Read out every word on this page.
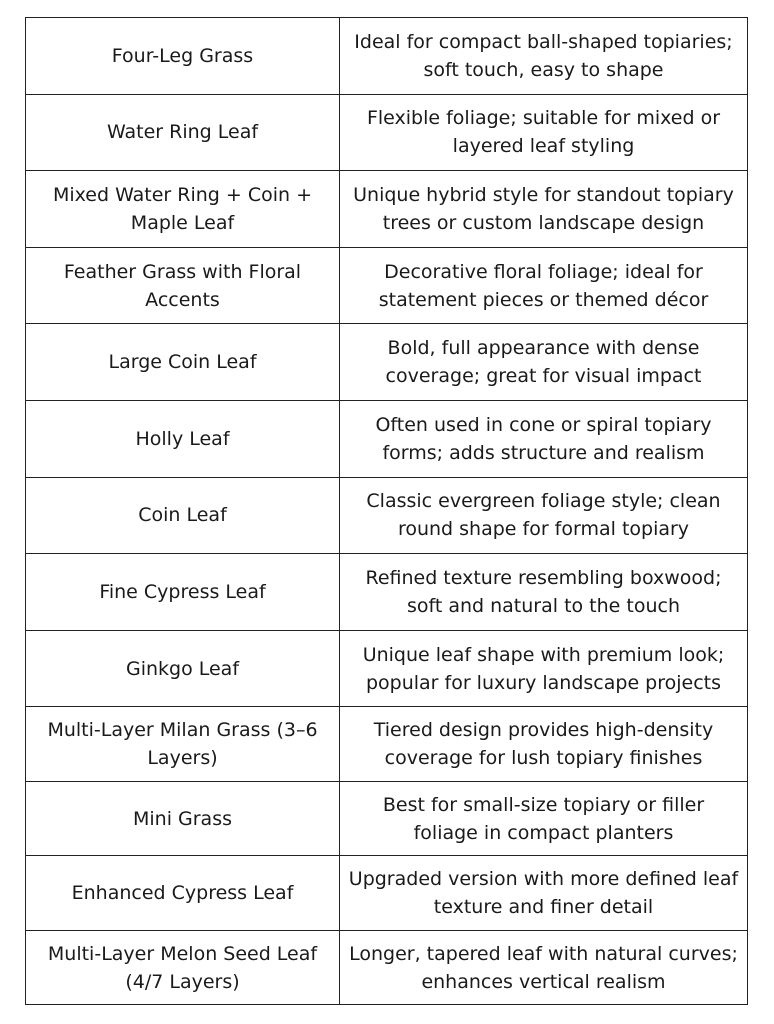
Four-Leg Grass	Ideal for compact ball-shaped topiaries; soft touch, easy to shape
Water Ring Leaf	Flexible foliage; suitable for mixed or layered leaf styling
Mixed Water Ring + Coin + Maple Leaf	Unique hybrid style for standout topiary trees or custom landscape design
Feather Grass with Floral Accents	Decorative floral foliage; ideal for statement pieces or themed décor
Large Coin Leaf	Bold, full appearance with dense coverage; great for visual impact
Holly Leaf	Often used in cone or spiral topiary forms; adds structure and realism
Coin Leaf	Classic evergreen foliage style; clean round shape for formal topiary
Fine Cypress Leaf	Refined texture resembling boxwood; soft and natural to the touch
Ginkgo Leaf	Unique leaf shape with premium look; popular for luxury landscape projects
Multi-Layer Milan Grass (3–6 Layers)	Tiered design provides high-density coverage for lush topiary finishes
Mini Grass	Best for small-size topiary or filler foliage in compact planters
Enhanced Cypress Leaf	Upgraded version with more defined leaf texture and finer detail
Multi-Layer Melon Seed Leaf (4/7 Layers)	Longer, tapered leaf with natural curves; enhances vertical realism
